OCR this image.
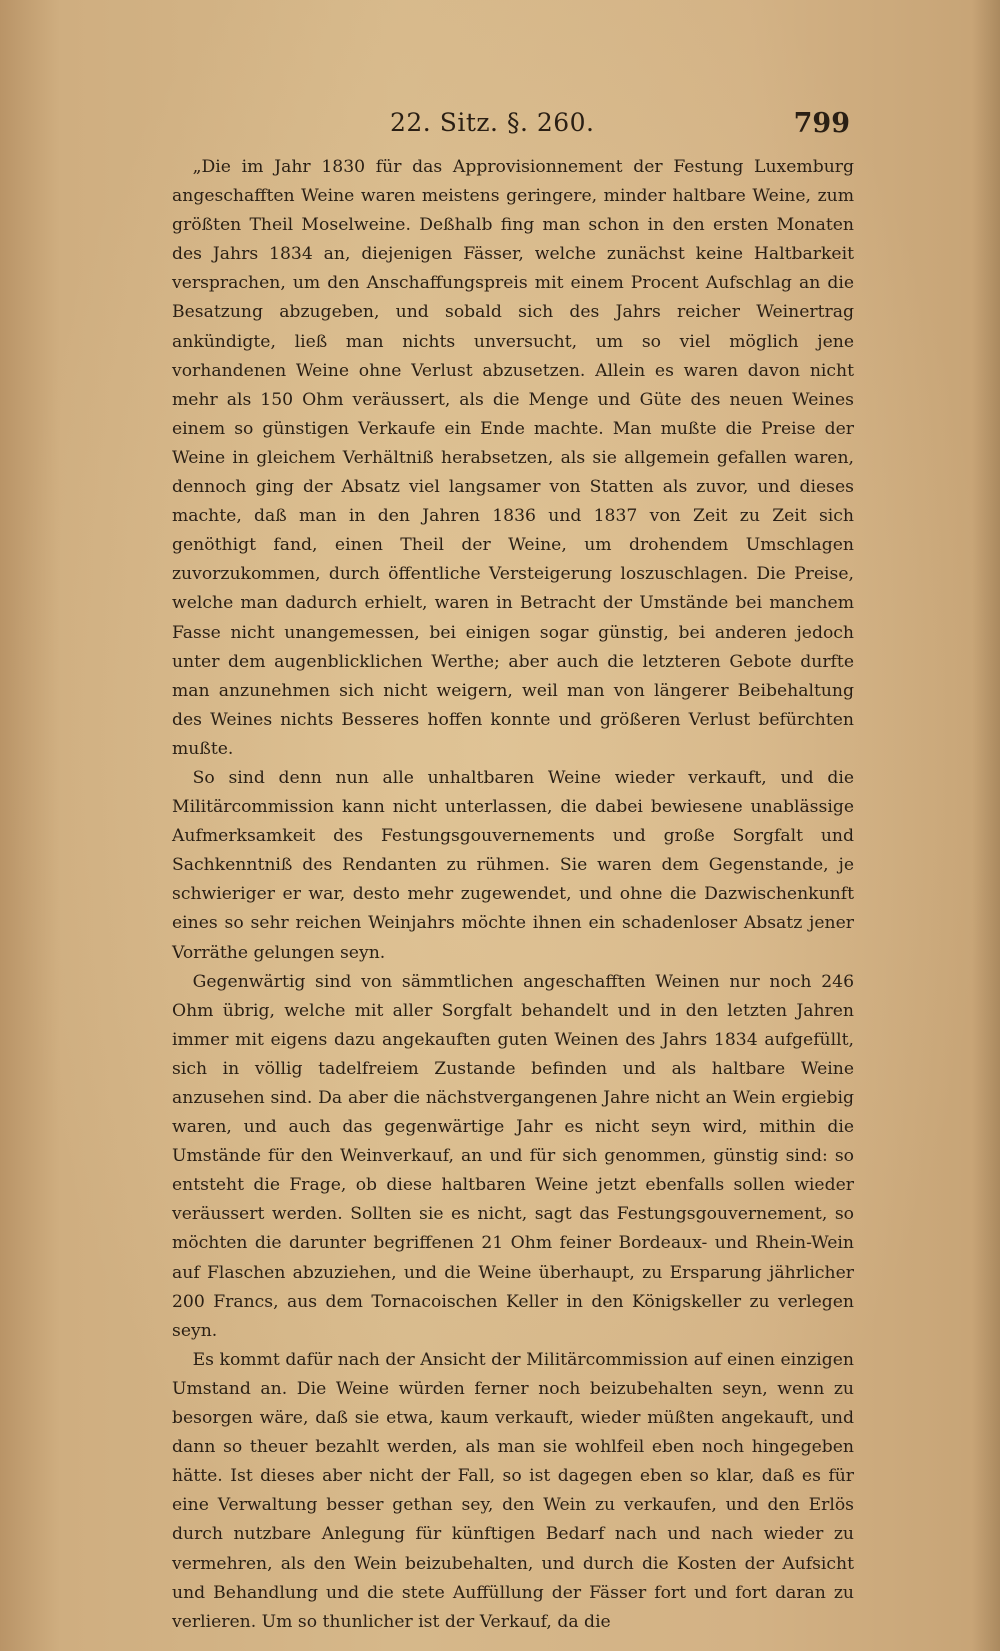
22. Sitz. §. 260.	799

„Die im Jahr 1830 für das Approvisionnement der Festung Luxemburg angeschafften Weine waren meistens geringere, minder haltbare Weine, zum größten Theil Moselweine. Deßhalb fing man schon in den ersten Monaten des Jahrs 1834 an, diejenigen Fässer, welche zunächst keine Haltbarkeit versprachen, um den Anschaffungspreis mit einem Procent Aufschlag an die Besatzung abzugeben, und sobald sich des Jahrs reicher Weinertrag ankündigte, ließ man nichts unversucht, um so viel möglich jene vorhandenen Weine ohne Verlust abzusetzen. Allein es waren davon nicht mehr als 150 Ohm veräussert, als die Menge und Güte des neuen Weines einem so günstigen Verkaufe ein Ende machte. Man mußte die Preise der Weine in gleichem Verhältniß herabsetzen, als sie allgemein gefallen waren, dennoch ging der Absatz viel langsamer von Statten als zuvor, und dieses machte, daß man in den Jahren 1836 und 1837 von Zeit zu Zeit sich genöthigt fand, einen Theil der Weine, um drohendem Umschlagen zuvorzukommen, durch öffentliche Versteigerung loszuschlagen. Die Preise, welche man dadurch erhielt, waren in Betracht der Umstände bei manchem Fasse nicht unangemessen, bei einigen sogar günstig, bei anderen jedoch unter dem augenblicklichen Werthe; aber auch die letzteren Gebote durfte man anzunehmen sich nicht weigern, weil man von längerer Beibehaltung des Weines nichts Besseres hoffen konnte und größeren Verlust befürchten mußte.

So sind denn nun alle unhaltbaren Weine wieder verkauft, und die Militärcommission kann nicht unterlassen, die dabei bewiesene unablässige Aufmerksamkeit des Festungsgouvernements und große Sorgfalt und Sachkenntniß des Rendanten zu rühmen. Sie waren dem Gegenstande, je schwieriger er war, desto mehr zugewendet, und ohne die Dazwischenkunft eines so sehr reichen Weinjahrs möchte ihnen ein schadenloser Absatz jener Vorräthe gelungen seyn.

Gegenwärtig sind von sämmtlichen angeschafften Weinen nur noch 246 Ohm übrig, welche mit aller Sorgfalt behandelt und in den letzten Jahren immer mit eigens dazu angekauften guten Weinen des Jahrs 1834 aufgefüllt, sich in völlig tadelfreiem Zustande befinden und als haltbare Weine anzusehen sind. Da aber die nächstvergangenen Jahre nicht an Wein ergiebig waren, und auch das gegenwärtige Jahr es nicht seyn wird, mithin die Umstände für den Weinverkauf, an und für sich genommen, günstig sind: so entsteht die Frage, ob diese haltbaren Weine jetzt ebenfalls sollen wieder veräussert werden. Sollten sie es nicht, sagt das Festungsgouvernement, so möchten die darunter begriffenen 21 Ohm feiner Bordeaux- und Rhein-Wein auf Flaschen abzuziehen, und die Weine überhaupt, zu Ersparung jährlicher 200 Francs, aus dem Tornacoischen Keller in den Königskeller zu verlegen seyn.

Es kommt dafür nach der Ansicht der Militärcommission auf einen einzigen Umstand an. Die Weine würden ferner noch beizubehalten seyn, wenn zu besorgen wäre, daß sie etwa, kaum verkauft, wieder müßten angekauft, und dann so theuer bezahlt werden, als man sie wohlfeil eben noch hingegeben hätte. Ist dieses aber nicht der Fall, so ist dagegen eben so klar, daß es für eine Verwaltung besser gethan sey, den Wein zu verkaufen, und den Erlös durch nutzbare Anlegung für künftigen Bedarf nach und nach wieder zu vermehren, als den Wein beizubehalten, und durch die Kosten der Aufsicht und Behandlung und die stete Auffüllung der Fässer fort und fort daran zu verlieren. Um so thunlicher ist der Verkauf, da die
